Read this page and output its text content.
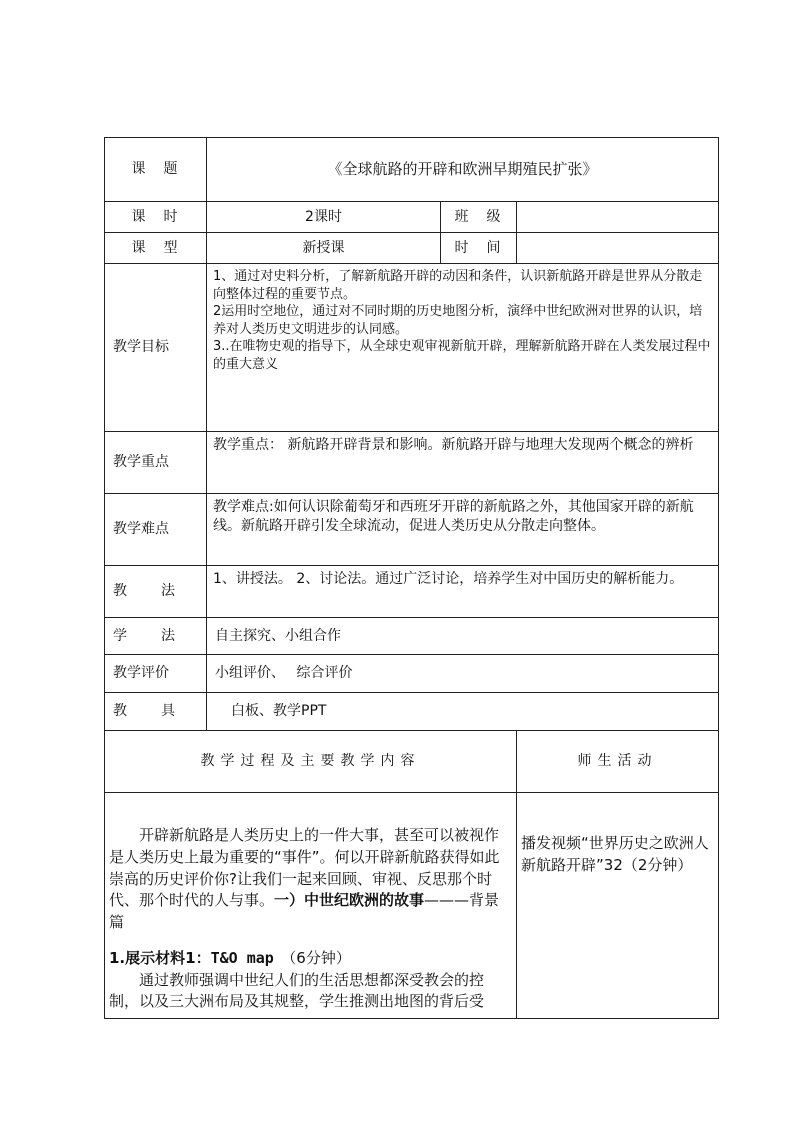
课　题	《全球航路的开辟和欧洲早期殖民扩张》		
课　时	2课时	班　级	
课　型	新授课	时　间	
教学目标	1、通过对史料分析，了解新航路开辟的动因和条件，认识新航路开辟是世界从分散走向整体过程的重要节点。

2运用时空地位，通过对不同时期的历史地图分析，演绎中世纪欧洲对世界的认识，培养对人类历史文明进步的认同感。

3..在唯物史观的指导下，从全球史观审视新航开辟，理解新航路开辟在人类发展过程中的重大意义		

教学重点	教学重点： 新航路开辟背景和影响。新航路开辟与地理大发现两个概念的辨析		
教学难点	教学难点:如何认识除葡萄牙和西班牙开辟的新航路之外，其他国家开辟的新航线。新航路开辟引发全球流动，促进人类历史从分散走向整体。		
教　　法	1、讲授法。 2、讨论法。通过广泛讨论，培养学生对中国历史的解析能力。		
学　　法	自主探究、小组合作		
教学评价	小组评价、　 综合评价		
教　　具	白板、教学PPT		
教学过程及主要教学内容			师生活动

开辟新航路是人类历史上的一件大事，甚至可以被视作是人类历史上最为重要的“事件”。何以开辟新航路获得如此崇高的历史评价你?让我们一起来回顾、审视、反思那个时代、那个时代的人与事。一）中世纪欧洲的故事———背景篇

1.展示材料1：T&O map　（6分钟）

通过教师强调中世纪人们的生活思想都深受教会的控制，以及三大洲布局及其规整，学生推测出地图的背后受			播发视频“世界历史之欧洲人新航路开辟”32（2分钟）
